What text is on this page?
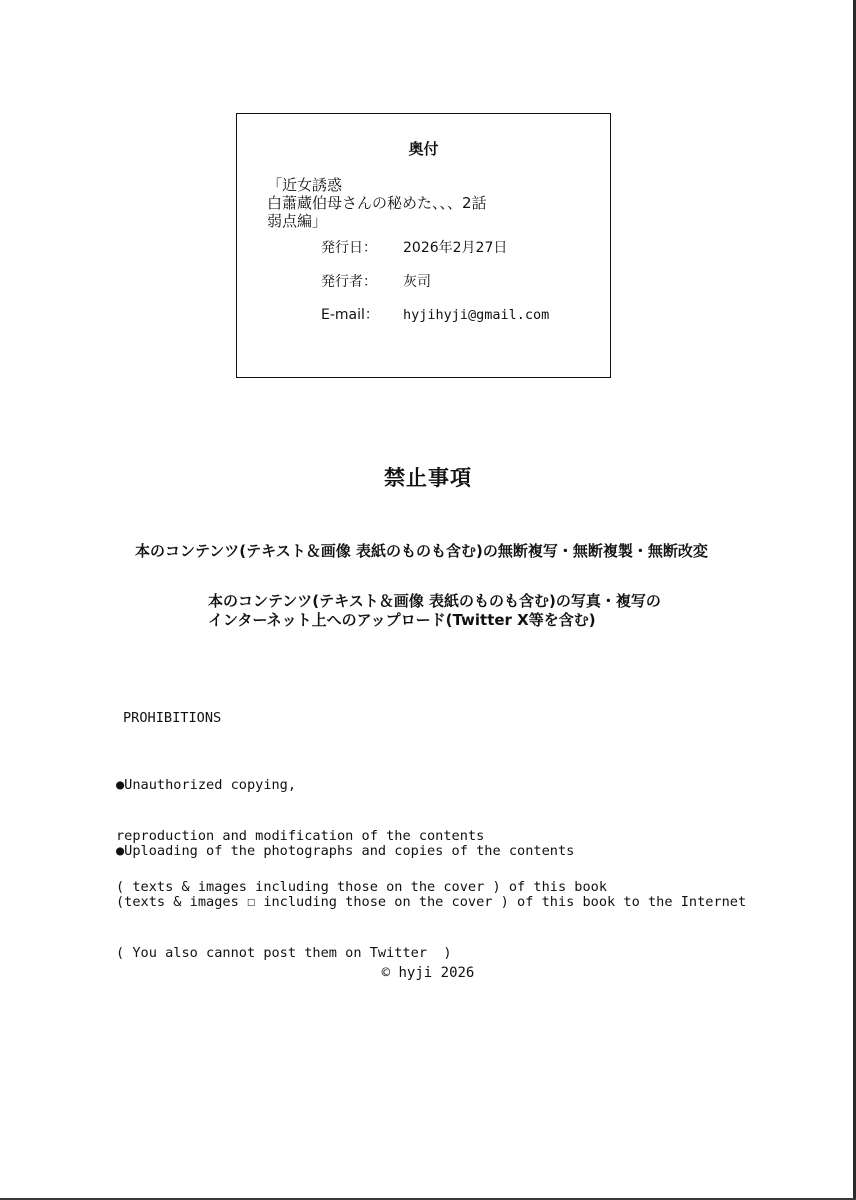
奥付
「近女誘惑
白蕭蔵伯母さんの秘めた、、、2話
弱点編」
発行日： 2026年2月27日
発行者： 灰司
E-mail： hyjihyji@gmail.com
禁止事項
本のコンテンツ(テキスト＆画像 表紙のものも含む)の無断複写・無断複製・無断改変
本のコンテンツ(テキスト＆画像 表紙のものも含む)の写真・複写の
インターネット上へのアップロード(Twitter X等を含む)
PROHIBITIONS

●Unauthorized copying,

reproduction and modification of the contents

( texts & images including those on the cover ) of this book

●Uploading of the photographs and copies of the contents

(texts & images ☐ including those on the cover ) of this book to the Internet

( You also cannot post them on Twitter  )

© hyji 2026
